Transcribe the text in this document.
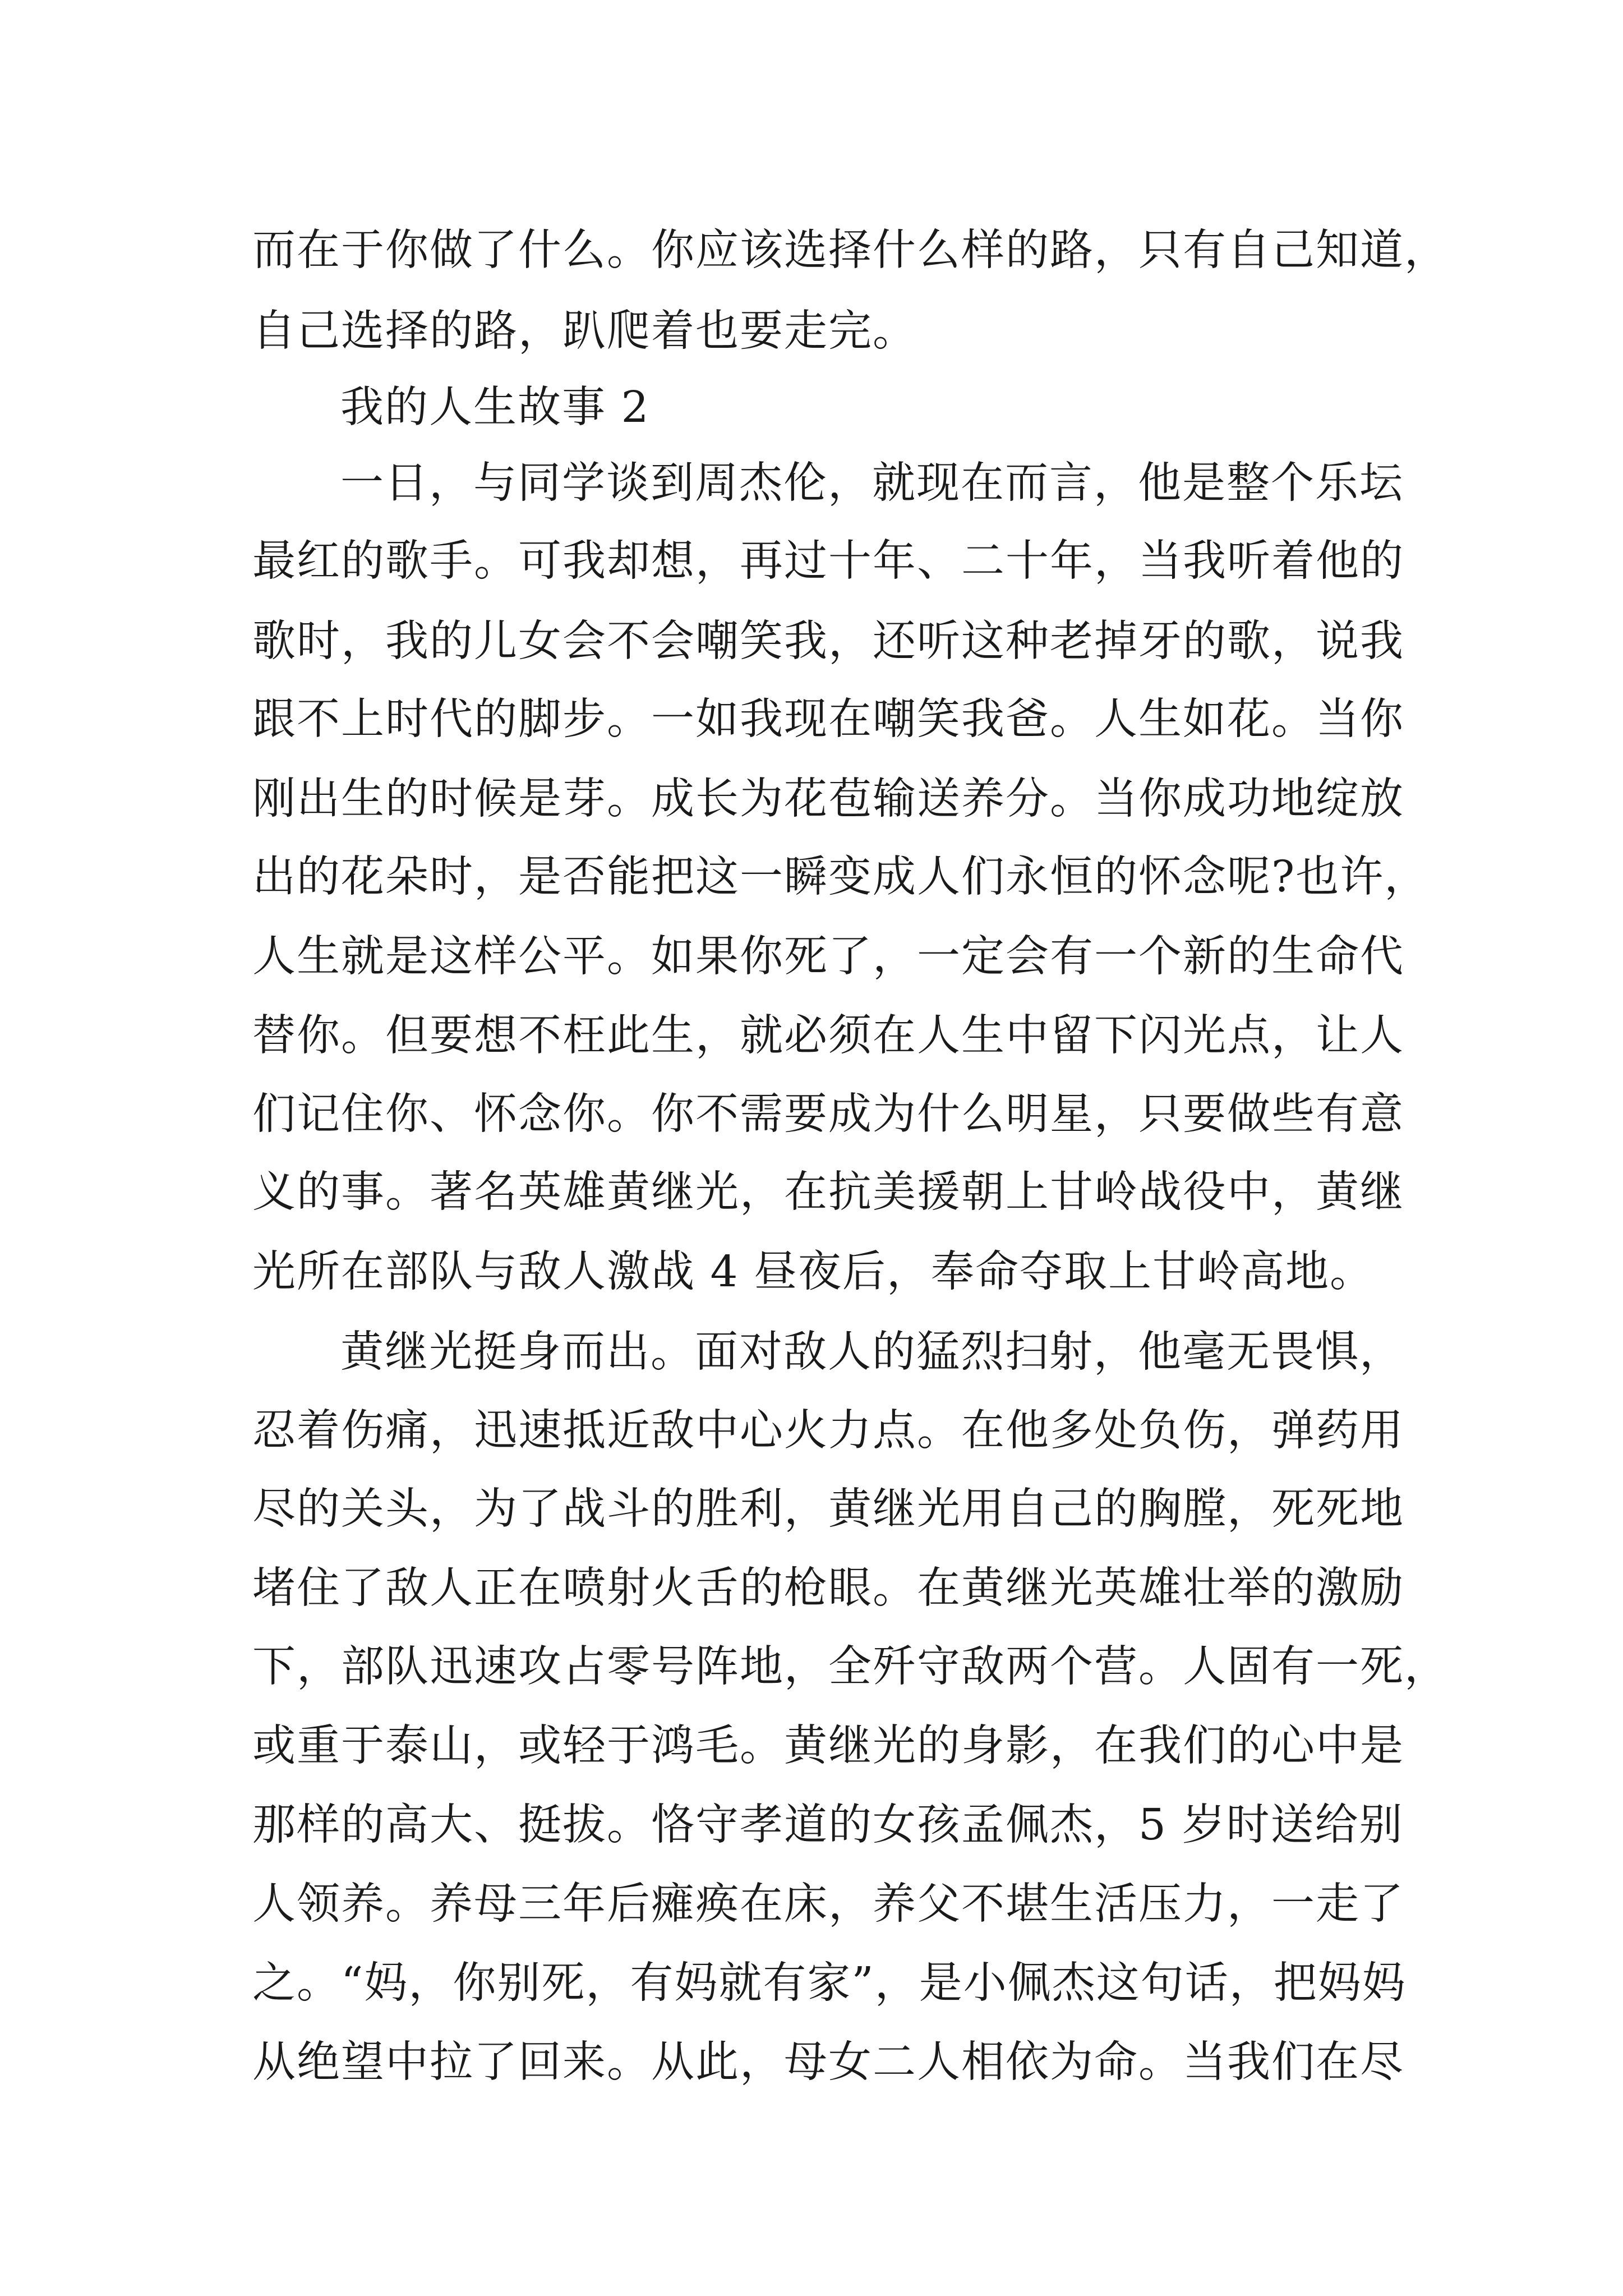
而在于你做了什么。你应该选择什么样的路，只有自己知道，
自己选择的路，趴爬着也要走完。
我的人生故事 2
一日，与同学谈到周杰伦，就现在而言，他是整个乐坛
最红的歌手。可我却想，再过十年、二十年，当我听着他的
歌时，我的儿女会不会嘲笑我，还听这种老掉牙的歌，说我
跟不上时代的脚步。一如我现在嘲笑我爸。人生如花。当你
刚出生的时候是芽。成长为花苞输送养分。当你成功地绽放
出的花朵时，是否能把这一瞬变成人们永恒的怀念呢?也许，
人生就是这样公平。如果你死了，一定会有一个新的生命代
替你。但要想不枉此生，就必须在人生中留下闪光点，让人
们记住你、怀念你。你不需要成为什么明星，只要做些有意
义的事。著名英雄黄继光，在抗美援朝上甘岭战役中，黄继
光所在部队与敌人激战 4 昼夜后，奉命夺取上甘岭高地。
黄继光挺身而出。面对敌人的猛烈扫射，他毫无畏惧，
忍着伤痛，迅速抵近敌中心火力点。在他多处负伤，弹药用
尽的关头，为了战斗的胜利，黄继光用自己的胸膛，死死地
堵住了敌人正在喷射火舌的枪眼。在黄继光英雄壮举的激励
下，部队迅速攻占零号阵地，全歼守敌两个营。人固有一死，
或重于泰山，或轻于鸿毛。黄继光的身影，在我们的心中是
那样的高大、挺拔。恪守孝道的女孩孟佩杰，5 岁时送给别
人领养。养母三年后瘫痪在床，养父不堪生活压力，一走了
之。“妈，你别死，有妈就有家”，是小佩杰这句话，把妈妈
从绝望中拉了回来。从此，母女二人相依为命。当我们在尽
